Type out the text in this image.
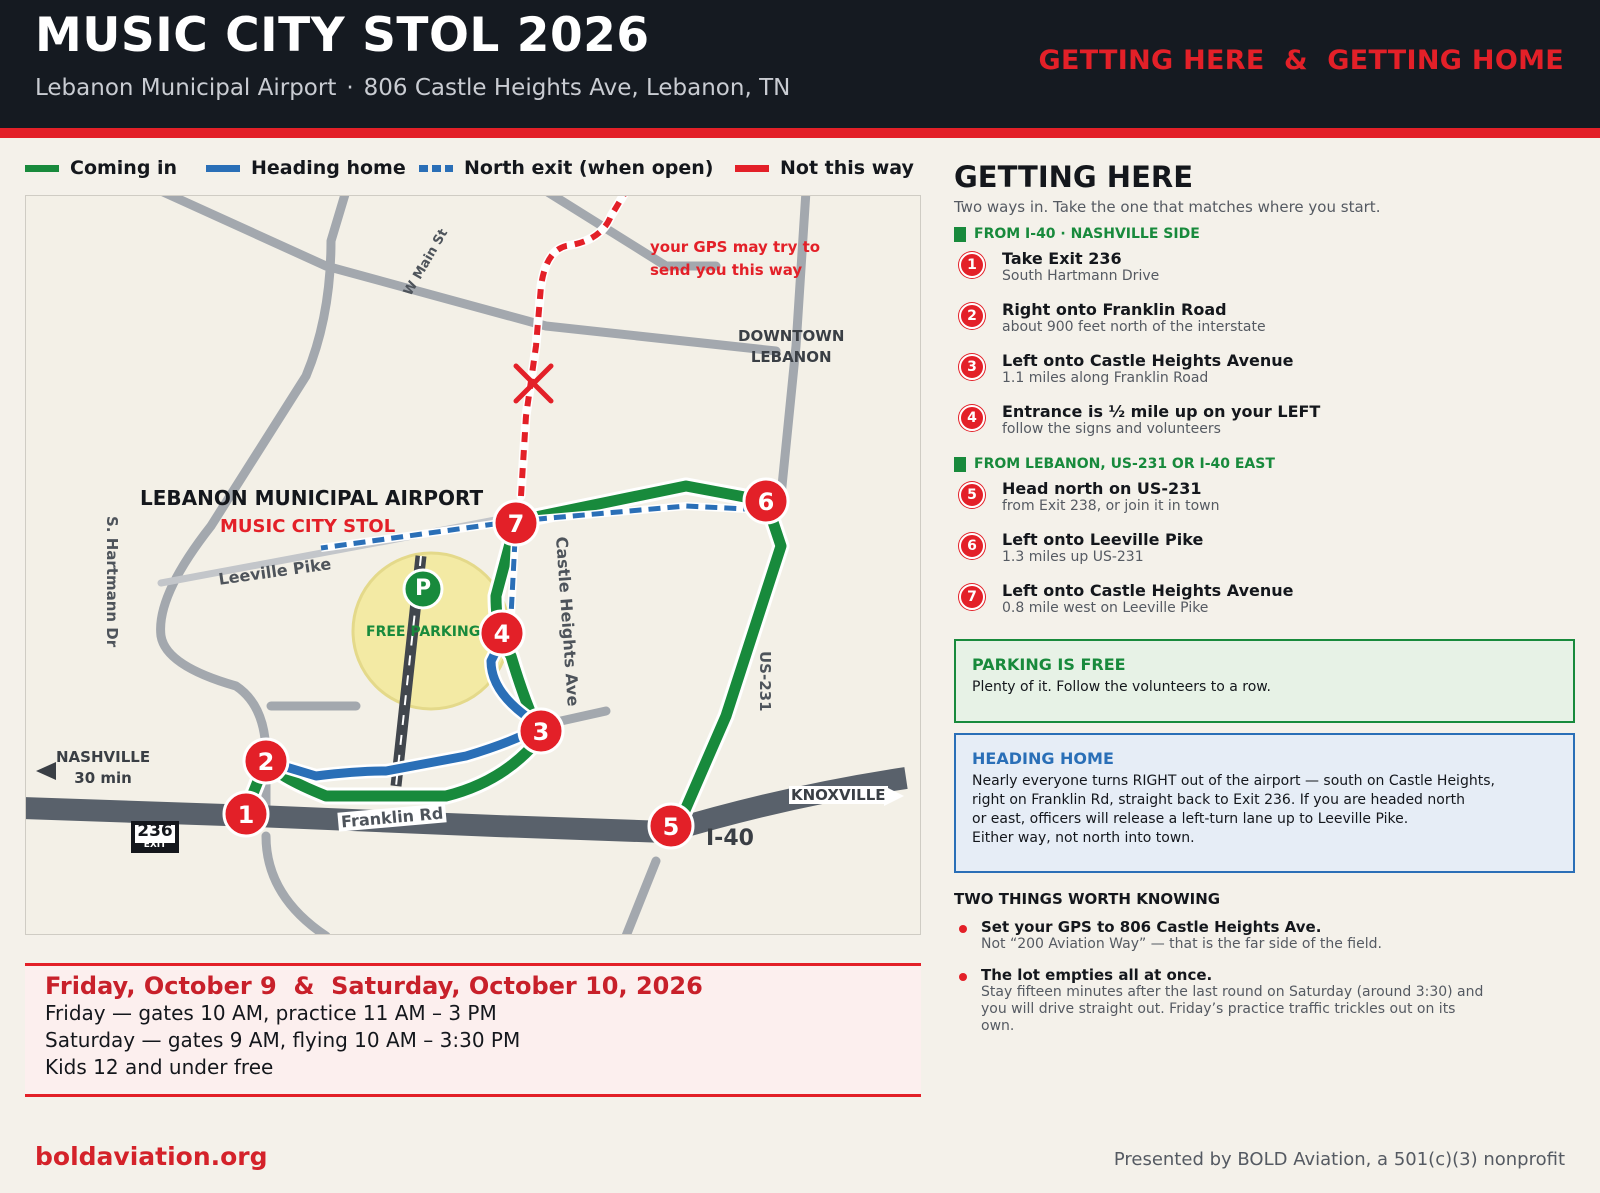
MUSIC CITY STOL 2026
Lebanon Municipal Airport · 806 Castle Heights Ave, Lebanon, TN
GETTING HERE  &  GETTING HOME
Coming in	Heading home	North exit (when open)	Not this way
1
2
3
4
5
6
7
P
FREE PARKING
LEBANON MUNICIPAL AIRPORT
MUSIC CITY STOL
your GPS may try to
send you this way
DOWNTOWN
LEBANON
NASHVILLE
30 min
KNOXVILLE
I-40
236
EXIT
W Main St
S. Hartmann Dr	Leeville Pike	Castle Heights Ave
Franklin Rd
US-231
Friday, October 9  &  Saturday, October 10, 2026
Friday — gates 10 AM, practice 11 AM – 3 PM
Saturday — gates 9 AM, flying 10 AM – 3:30 PM
Kids 12 and under free
GETTING HERE
Two ways in. Take the one that matches where you start.
FROM I-40 · NASHVILLE SIDE
1	Take Exit 236
South Hartmann Drive
2	Right onto Franklin Road
about 900 feet north of the interstate
3	Left onto Castle Heights Avenue
1.1 miles along Franklin Road
4	Entrance is ½ mile up on your LEFT
follow the signs and volunteers
FROM LEBANON, US-231 OR I-40 EAST
5	Head north on US-231
from Exit 238, or join it in town
6	Left onto Leeville Pike
1.3 miles up US-231
7	Left onto Castle Heights Avenue
0.8 mile west on Leeville Pike
PARKING IS FREE
Plenty of it. Follow the volunteers to a row.
HEADING HOME
Nearly everyone turns RIGHT out of the airport — south on Castle Heights,
right on Franklin Rd, straight back to Exit 236. If you are headed north
or east, officers will release a left-turn lane up to Leeville Pike.
Either way, not north into town.
TWO THINGS WORTH KNOWING
Set your GPS to 806 Castle Heights Ave.
Not “200 Aviation Way” — that is the far side of the field.
The lot empties all at once.
Stay fifteen minutes after the last round on Saturday (around 3:30) and
you will drive straight out. Friday’s practice traffic trickles out on its
own.
boldaviation.org	Presented by BOLD Aviation, a 501(c)(3) nonprofit
